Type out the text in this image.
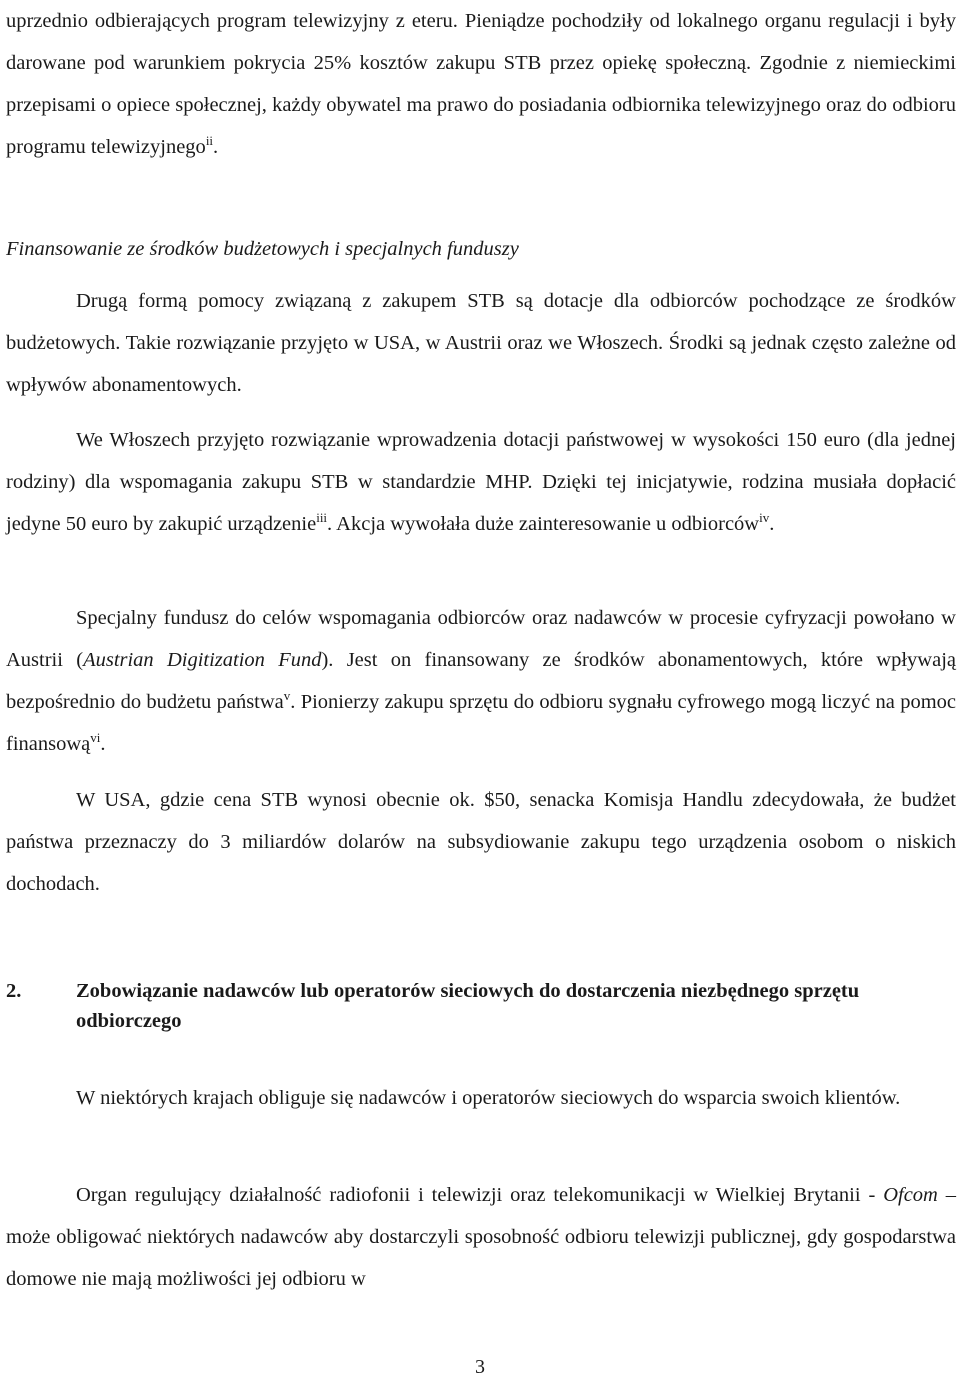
uprzednio odbierających program telewizyjny z eteru. Pieniądze pochodziły od lokalnego organu regulacji i były darowane pod warunkiem pokrycia 25% kosztów zakupu STB przez opiekę społeczną. Zgodnie z niemieckimi przepisami o opiece społecznej, każdy obywatel ma prawo do posiadania odbiornika telewizyjnego oraz do odbioru programu telewizyjnego$^{ii}$.

Finansowanie ze środków budżetowych i specjalnych funduszy

Drugą formą pomocy związaną z zakupem STB są dotacje dla odbiorców pochodzące ze środków budżetowych. Takie rozwiązanie przyjęto w USA, w Austrii oraz we Włoszech. Środki są jednak często zależne od wpływów abonamentowych.

We Włoszech przyjęto rozwiązanie wprowadzenia dotacji państwowej w wysokości 150 euro (dla jednej rodziny) dla wspomagania zakupu STB w standardzie MHP. Dzięki tej inicjatywie, rodzina musiała dopłacić jedyne 50 euro by zakupić urządzenie$^{iii}$. Akcja wywołała duże zainteresowanie u odbiorców$^{iv}$.

Specjalny fundusz do celów wspomagania odbiorców oraz nadawców w procesie cyfryzacji powołano w Austrii (Austrian Digitization Fund). Jest on finansowany ze środków abonamentowych, które wpływają bezpośrednio do budżetu państwa$^v$. Pionierzy zakupu sprzętu do odbioru sygnału cyfrowego mogą liczyć na pomoc finansową$^{vi}$.

W USA, gdzie cena STB wynosi obecnie ok. $50, senacka Komisja Handlu zdecydowała, że budżet państwa przeznaczy do 3 miliardów dolarów na subsydiowanie zakupu tego urządzenia osobom o niskich dochodach.

2.	Zobowiązanie nadawców lub operatorów sieciowych do dostarczenia niezbędnego sprzętu odbiorczego

W niektórych krajach obliguje się nadawców i operatorów sieciowych do wsparcia swoich klientów.

Organ regulujący działalność radiofonii i telewizji oraz telekomunikacji w Wielkiej Brytanii - Ofcom – może obligować niektórych nadawców aby dostarczyli sposobność odbioru telewizji publicznej, gdy gospodarstwa domowe nie mają możliwości jej odbioru w

3
